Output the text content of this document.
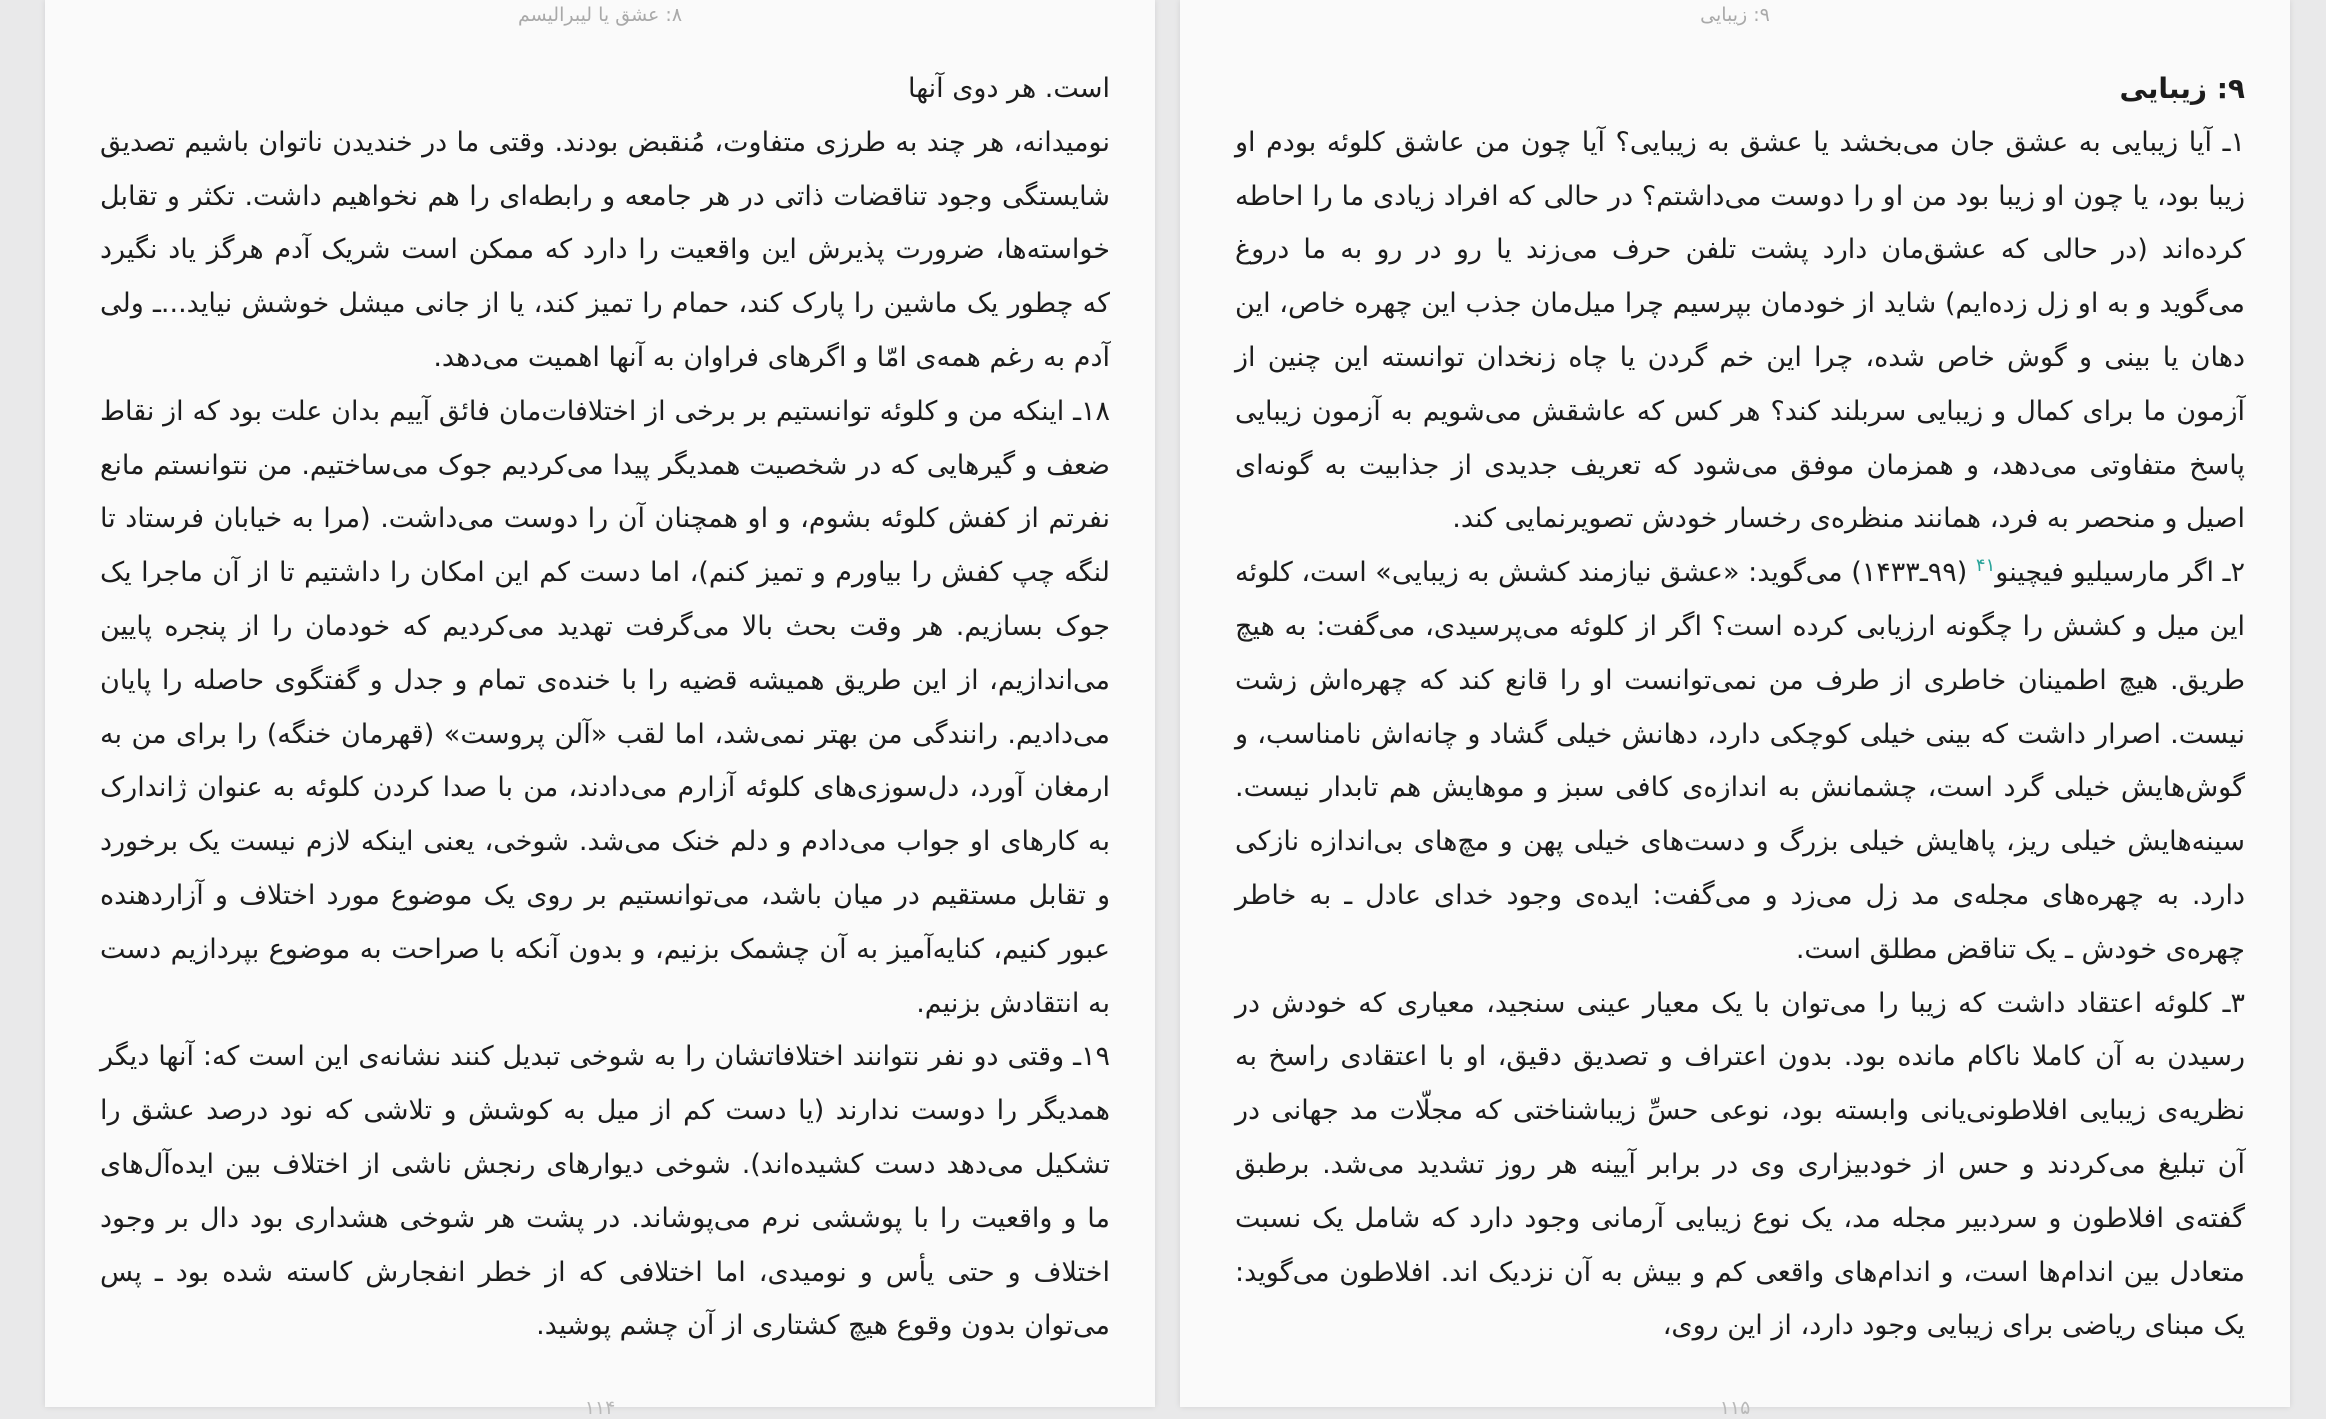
۸: عشق یا لیبرالیسم

است. هر دوی آنها

نومیدانه، هر چند به طرزی متفاوت، مُنقبض بودند. وقتی ما در خندیدن ناتوان باشیم تصدیق شایستگی وجود تناقضات ذاتی در هر جامعه و رابطه‌ای را هم نخواهیم داشت. تکثر و تقابل خواسته‌ها، ضرورت پذیرش این واقعیت را دارد که ممکن است شریک آدم هرگز یاد نگیرد که چطور یک ماشین را پارک کند، حمام را تمیز کند، یا از جانی میشل خوشش نیاید...ـ ولی آدم به رغم همه‌ی امّا و اگرهای فراوان به آنها اهمیت می‌دهد.

۱۸ـ اینکه من و کلوئه توانستیم بر برخی از اختلافات‌مان فائق آییم بدان علت بود که از نقاط ضعف و گیرهایی که در شخصیت همدیگر پیدا می‌کردیم جوک می‌ساختیم. من نتوانستم مانع نفرتم از کفش کلوئه بشوم، و او همچنان آن را دوست می‌داشت. (مرا به خیابان فرستاد تا لنگه چپ کفش را بیاورم و تمیز کنم)، اما دست کم این امکان را داشتیم تا از آن ماجرا یک جوک بسازیم. هر وقت بحث بالا می‌گرفت تهدید می‌کردیم که خودمان را از پنجره پایین می‌اندازیم، از این طریق همیشه قضیه را با خنده‌ی تمام و جدل و گفتگوی حاصله را پایان می‌دادیم. رانندگی من بهتر نمی‌شد، اما لقب «آلن پروست» (قهرمان خنگه) را برای من به ارمغان آورد، دل‌سوزی‌های کلوئه آزارم می‌دادند، من با صدا کردن کلوئه به عنوان ژاندارک به کارهای او جواب می‌دادم و دلم خنک می‌شد. شوخی، یعنی اینکه لازم نیست یک برخورد و تقابل مستقیم در میان باشد، می‌توانستیم بر روی یک موضوع مورد اختلاف و آزاردهنده عبور کنیم، کنایه‌آمیز به آن چشمک بزنیم، و بدون آنکه با صراحت به موضوع بپردازیم دست به انتقادش بزنیم.

۱۹ـ وقتی دو نفر نتوانند اختلافاتشان را به شوخی تبدیل کنند نشانه‌ی این است که: آنها دیگر همدیگر را دوست ندارند (یا دست کم از میل به کوشش و تلاشی که نود درصد عشق را تشکیل می‌دهد دست کشیده‌اند). شوخی دیوارهای رنجش ناشی از اختلاف بین ایده‌آل‌های ما و واقعیت را با پوششی نرم می‌پوشاند. در پشت هر شوخی هشداری بود دال بر وجود اختلاف و حتی یأس و نومیدی، اما اختلافی که از خطر انفجارش کاسته شده بود ـ پس می‌توان بدون وقوع هیچ کشتاری از آن چشم پوشید.

۱۱۴
۹: زیبایی
۹: زیبایی

۱ـ آیا زیبایی به عشق جان می‌بخشد یا عشق به زیبایی؟ آیا چون من عاشق کلوئه بودم او زیبا بود، یا چون او زیبا بود من او را دوست می‌داشتم؟ در حالی که افراد زیادی ما را احاطه کرده‌اند (در حالی که عشق‌مان دارد پشت تلفن حرف می‌زند یا رو در رو به ما دروغ می‌گوید و به او زل زده‌ایم) شاید از خودمان بپرسیم چرا میل‌مان جذب این چهره خاص، این دهان یا بینی و گوش خاص شده، چرا این خم گردن یا چاه زنخدان توانسته این چنین از آزمون ما برای کمال و زیبایی سربلند کند؟ هر کس که عاشقش می‌شویم به آزمون زیبایی پاسخ متفاوتی می‌دهد، و همزمان موفق می‌شود که تعریف جدیدی از جذابیت به گونه‌ای اصیل و منحصر به فرد، همانند منظره‌ی رخسار خودش تصویرنمایی کند.

۲ـ اگر مارسیلیو فیچینو$^{۴۱}$ (۹۹ـ۱۴۳۳) می‌گوید: «عشق نیازمند کشش به زیبایی» است، کلوئه این میل و کشش را چگونه ارزیابی کرده است؟ اگر از کلوئه می‌پرسیدی، می‌گفت: به هیچ طریق. هیچ اطمینان خاطری از طرف من نمی‌توانست او را قانع کند که چهره‌اش زشت نیست. اصرار داشت که بینی خیلی کوچکی دارد، دهانش خیلی گشاد و چانه‌اش نامناسب، و گوش‌هایش خیلی گرد است، چشمانش به اندازه‌ی کافی سبز و موهایش هم تابدار نیست. سینه‌هایش خیلی ریز، پاهایش خیلی بزرگ و دست‌های خیلی پهن و مچ‌های بی‌اندازه نازکی دارد. به چهره‌های مجله‌ی مد زل می‌زد و می‌گفت: ایده‌ی وجود خدای عادل ـ به خاطر چهره‌ی خودش ـ یک تناقض مطلق است.

۳ـ کلوئه اعتقاد داشت که زیبا را می‌توان با یک معیار عینی سنجید، معیاری که خودش در رسیدن به آن کاملا ناکام مانده بود. بدون اعتراف و تصدیق دقیق، او با اعتقادی راسخ به نظریه‌ی زیبایی افلاطونی‌یانی وابسته بود، نوعی حسِّ زیباشناختی که مجلّات مد جهانی در آن تبلیغ می‌کردند و حس از خودبیزاری وی در برابر آیینه هر روز تشدید می‌شد. برطبق گفته‌ی افلاطون و سردبیر مجله مد، یک نوع زیبایی آرمانی وجود دارد که شامل یک نسبت متعادل بین اندام‌ها است، و اندام‌های واقعی کم و بیش به آن نزدیک اند. افلاطون می‌گوید: یک مبنای ریاضی برای زیبایی وجود دارد، از این روی،

۱۱۵
